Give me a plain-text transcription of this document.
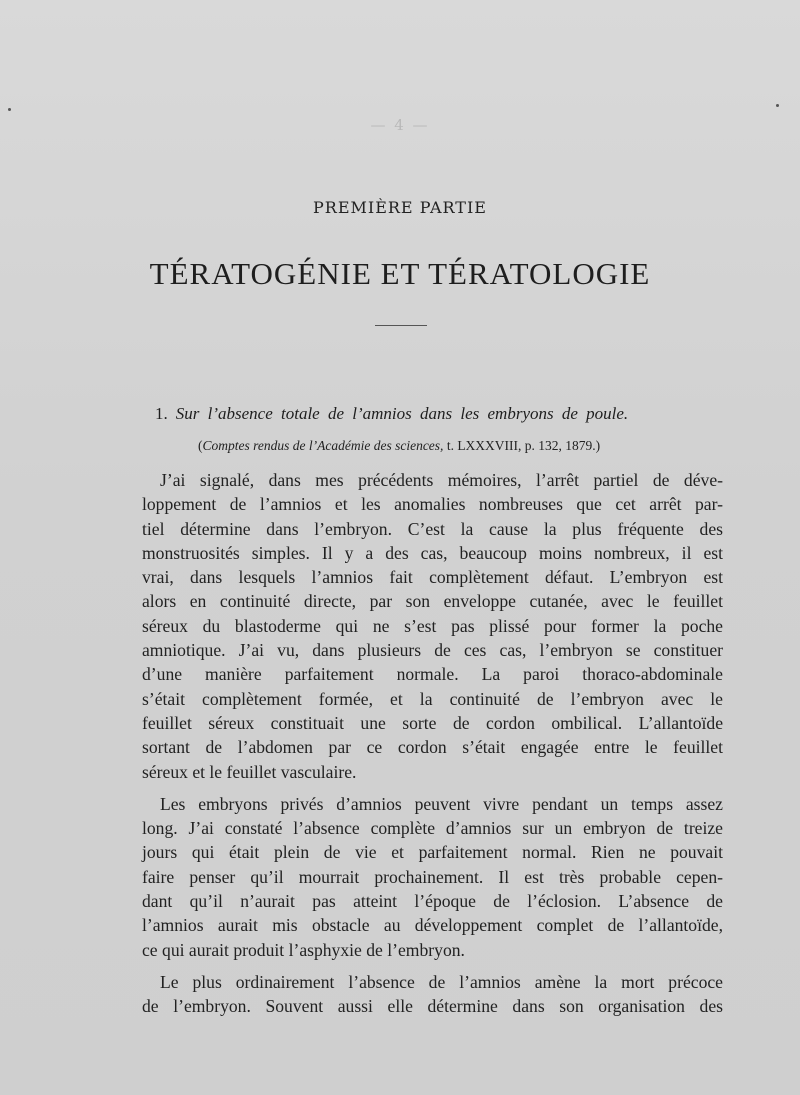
— 4 —
PREMIÈRE PARTIE
TÉRATOGÉNIE ET TÉRATOLOGIE
1. Sur l’absence totale de l’amnios dans les embryons de poule.
(Comptes rendus de l’Académie des sciences, t. LXXXVIII, p. 132, 1879.)

J’ai signalé, dans mes précédents mémoires, l’arrêt partiel de déve-
loppement de l’amnios et les anomalies nombreuses que cet arrêt par-
tiel détermine dans l’embryon. C’est la cause la plus fréquente des
monstruosités simples. Il y a des cas, beaucoup moins nombreux, il est
vrai, dans lesquels l’amnios fait complètement défaut. L’embryon est
alors en continuité directe, par son enveloppe cutanée, avec le feuillet
séreux du blastoderme qui ne s’est pas plissé pour former la poche
amniotique. J’ai vu, dans plusieurs de ces cas, l’embryon se constituer
d’une manière parfaitement normale. La paroi thoraco-abdominale
s’était complètement formée, et la continuité de l’embryon avec le
feuillet séreux constituait une sorte de cordon ombilical. L’allantoïde
sortant de l’abdomen par ce cordon s’était engagée entre le feuillet
séreux et le feuillet vasculaire.

Les embryons privés d’amnios peuvent vivre pendant un temps assez
long. J’ai constaté l’absence complète d’amnios sur un embryon de treize
jours qui était plein de vie et parfaitement normal. Rien ne pouvait
faire penser qu’il mourrait prochainement. Il est très probable cepen-
dant qu’il n’aurait pas atteint l’époque de l’éclosion. L’absence de
l’amnios aurait mis obstacle au développement complet de l’allantoïde,
ce qui aurait produit l’asphyxie de l’embryon.

Le plus ordinairement l’absence de l’amnios amène la mort précoce
de l’embryon. Souvent aussi elle détermine dans son organisation des
